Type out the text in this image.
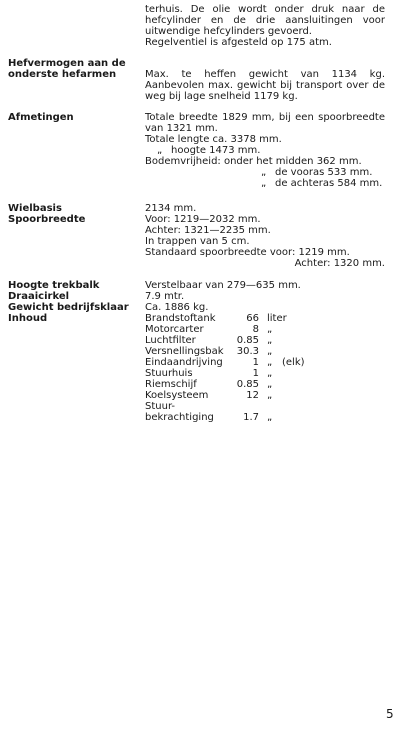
terhuis. De olie wordt onder druk naar de hefcylinder en de drie aansluitingen voor uitwendige hefcylinders gevoerd.

Regelventiel is afgesteld op 175 atm.

Hefvermogen aan de
onderste hefarmen	Max. te heffen gewicht van 1134 kg. Aanbevolen max. gewicht bij transport over de weg bij lage snelheid 1179 kg.

Afmetingen	Totale breedte 1829 mm, bij een spoorbreedte van 1321 mm.

Totale lengte ca. 3378 mm.
„ hoogte 1473 mm.
Bodemvrijheid: onder het midden 362 mm.
„ de vooras 533 mm.
„ de achteras 584 mm.
Wielbasis	2134 mm.
Spoorbreedte	Voor: 1219—2032 mm.
Achter: 1321—2235 mm.
In trappen van 5 cm.
Standaard spoorbreedte voor: 1219 mm.
Achter: 1320 mm.
Hoogte trekbalk	Verstelbaar van 279—635 mm.
Draaicirkel	7.9 mtr.
Gewicht bedrijfsklaar Ca. 1886 kg.
Inhoud	Brandstoftank	66 liter
Motorcarter	8 „
Luchtfilter	0.85 „
Versnellingsbak 30.3 „
Eindaandrijving	1 „ (elk)
Stuurhuis	1 „
Riemschijf	0.85 „
Koelsysteem	12 „
Stuur-
bekrachtiging	1.7 „
5
